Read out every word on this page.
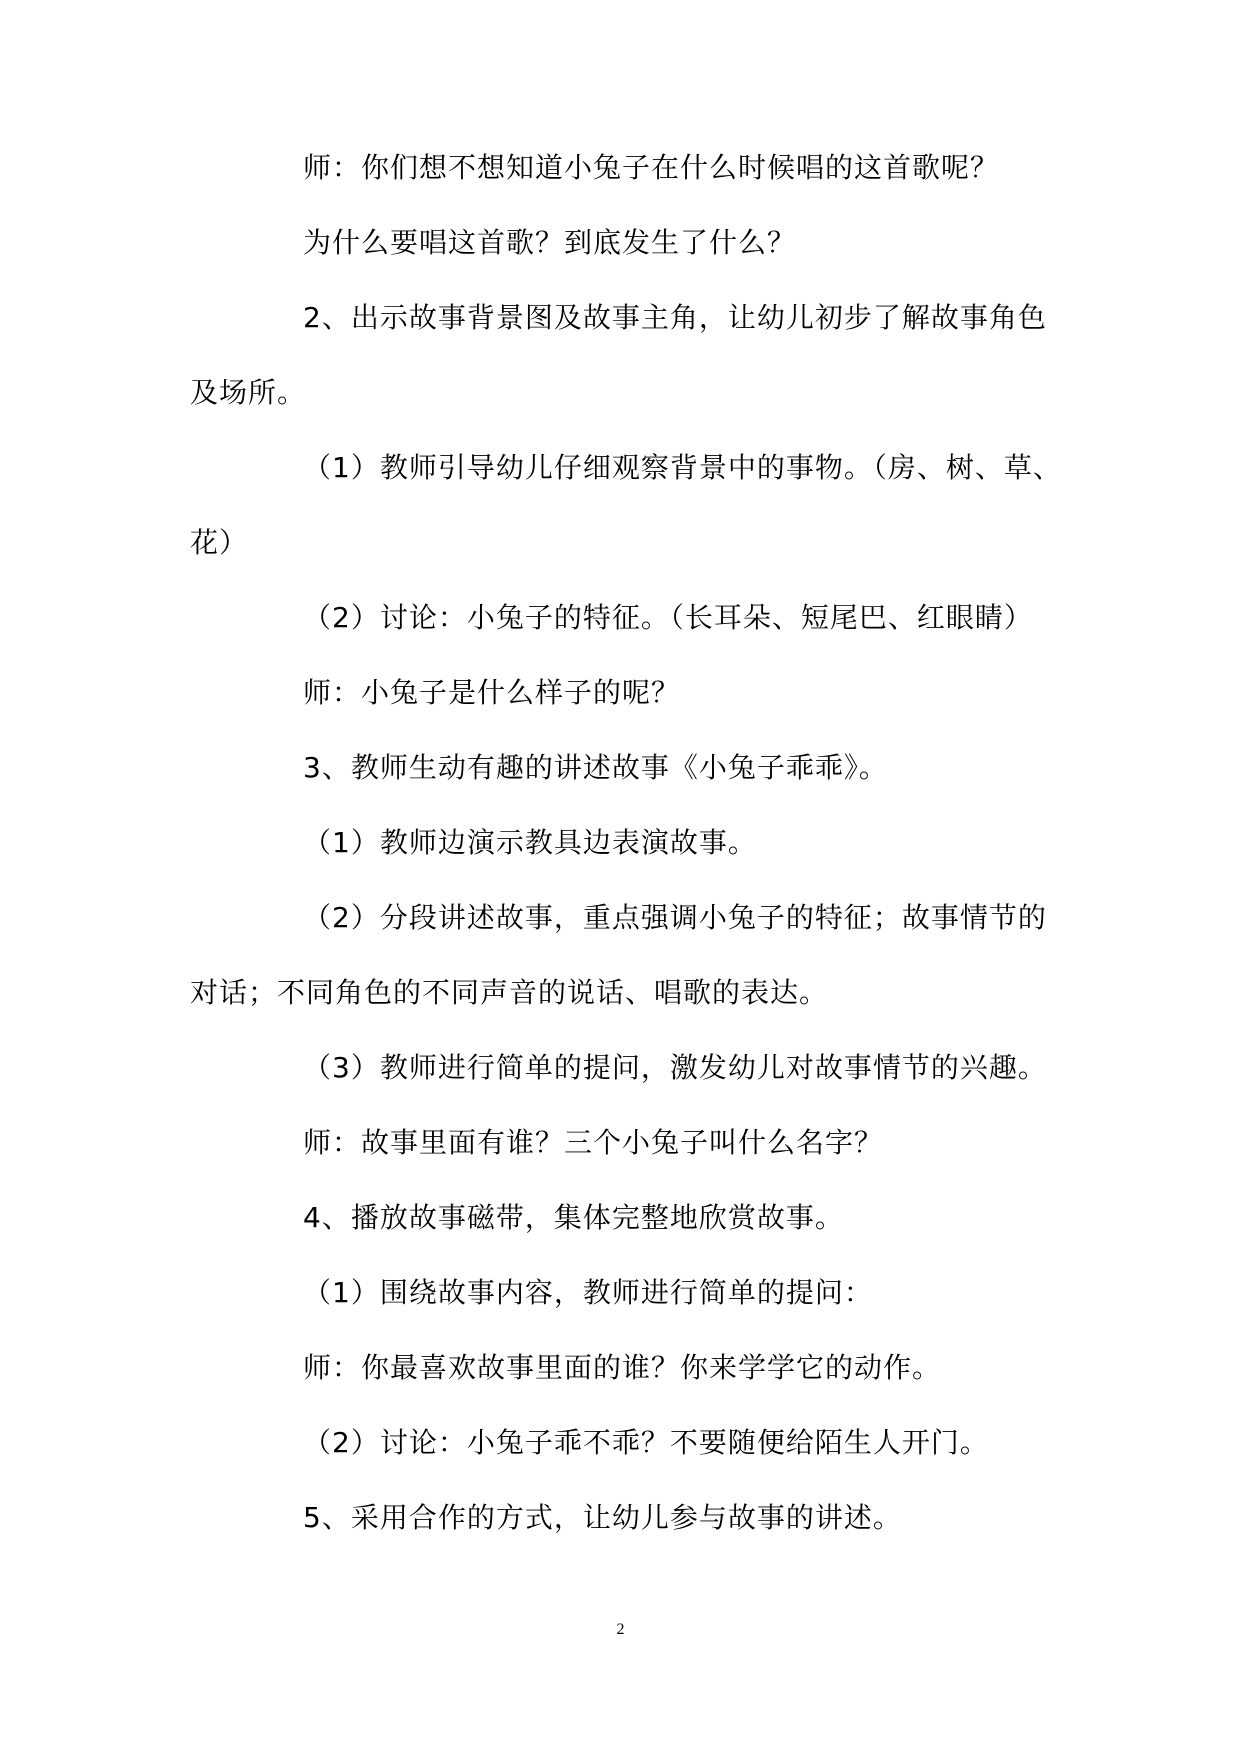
师：你们想不想知道小兔子在什么时候唱的这首歌呢？
为什么要唱这首歌？到底发生了什么？
2、出示故事背景图及故事主角，让幼儿初步了解故事角色
及场所。
（1）教师引导幼儿仔细观察背景中的事物。（房、树、草、
花）
（2）讨论：小兔子的特征。（长耳朵、短尾巴、红眼睛）
师：小兔子是什么样子的呢？
3、教师生动有趣的讲述故事《小兔子乖乖》。
（1）教师边演示教具边表演故事。
（2）分段讲述故事，重点强调小兔子的特征；故事情节的
对话；不同角色的不同声音的说话、唱歌的表达。
（3）教师进行简单的提问，激发幼儿对故事情节的兴趣。
师：故事里面有谁？三个小兔子叫什么名字？
4、播放故事磁带，集体完整地欣赏故事。
（1）围绕故事内容，教师进行简单的提问：
师：你最喜欢故事里面的谁？你来学学它的动作。
（2）讨论：小兔子乖不乖？不要随便给陌生人开门。
5、采用合作的方式，让幼儿参与故事的讲述。
2
